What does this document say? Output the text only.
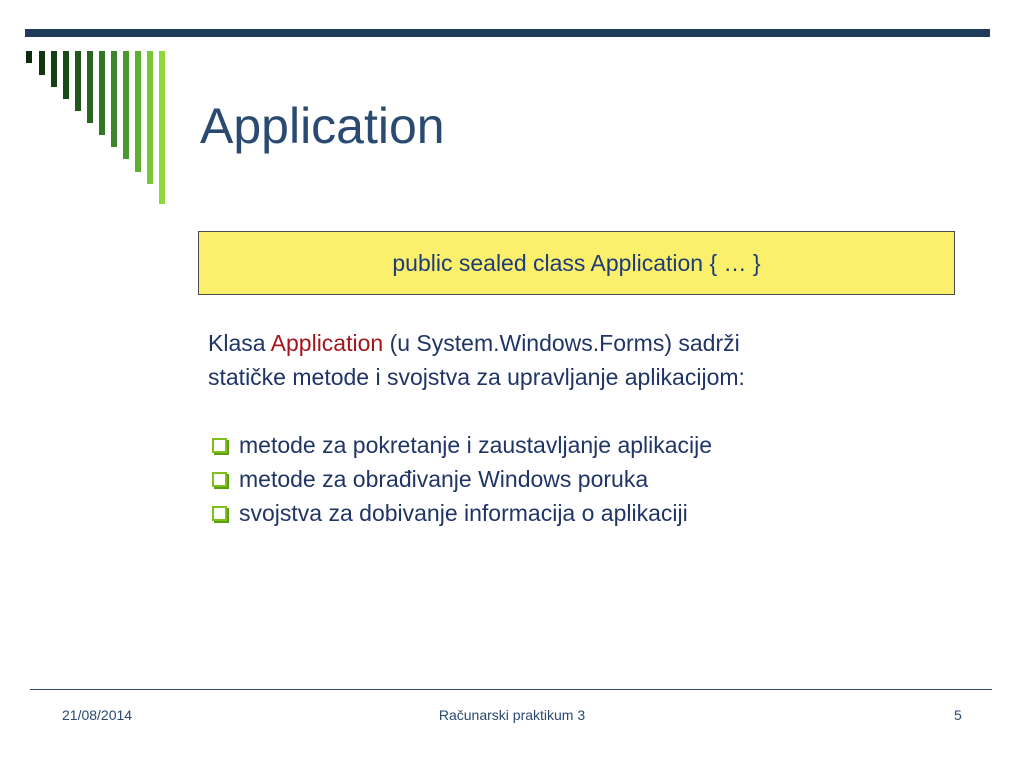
Application
public sealed class Application { … }
Klasa Application (u System.Windows.Forms) sadrži
statičke metode i svojstva za upravljanje aplikacijom:
metode za pokretanje i zaustavljanje aplikacije
metode za obrađivanje Windows poruka
svojstva za dobivanje informacija o aplikaciji
21/08/2014	Računarski praktikum 3	5
